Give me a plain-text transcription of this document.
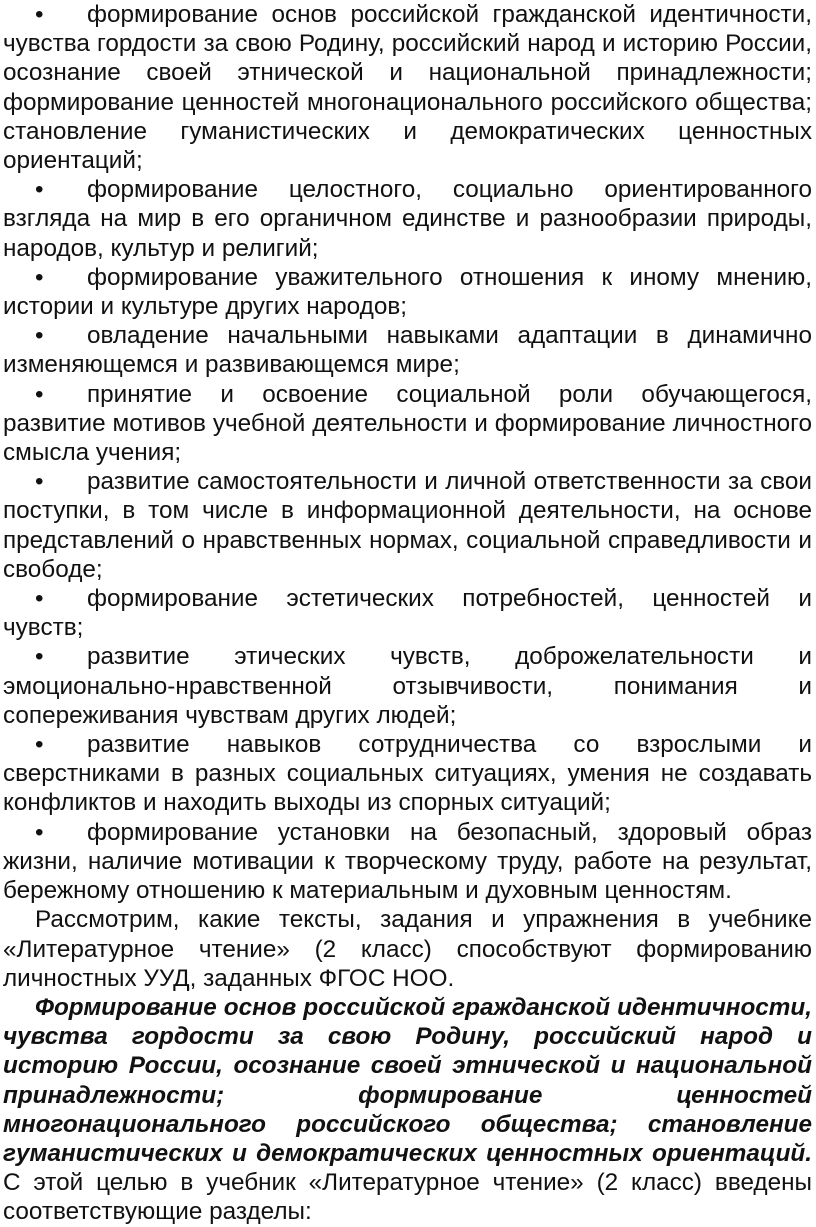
• формирование основ российской гражданской идентичности, чувства гордости за свою Родину, российский народ и историю России, осознание своей этнической и национальной принадлежности; формирование ценностей многонационального российского общества; становление гуманистических и демократических ценностных ориентаций;

• формирование целостного, социально ориентированного взгляда на мир в его органичном единстве и разнообразии природы, народов, культур и религий;

• формирование уважительного отношения к иному мнению, истории и культуре других народов;

• овладение начальными навыками адаптации в динамично изменяющемся и развивающемся мире;

• принятие и освоение социальной роли обучающегося, развитие мотивов учебной деятельности и формирование личностного смысла учения;

• развитие самостоятельности и личной ответственности за свои поступки, в том числе в информационной деятельности, на основе представлений о нравственных нормах, социальной справедливости и свободе;

• формирование эстетических потребностей, ценностей и чувств;

• развитие этических чувств, доброжелательности и эмоционально-нравственной отзывчивости, понимания и сопереживания чувствам других людей;

• развитие навыков сотрудничества со взрослыми и сверстниками в разных социальных ситуациях, умения не создавать конфликтов и находить выходы из спорных ситуаций;

• формирование установки на безопасный, здоровый образ жизни, наличие мотивации к творческому труду, работе на результат, бережному отношению к материальным и духовным ценностям.

Рассмотрим, какие тексты, задания и упражнения в учебнике «Литературное чтение» (2 класс) способствуют формированию личностных УУД, заданных ФГОС НОО.

Формирование основ российской гражданской идентичности, чувства гордости за свою Родину, российский народ и историю России, осознание своей этнической и национальной принадлежности; формирование ценностей многонационального российского общества; становление гуманистических и демократических ценностных ориентаций. С этой целью в учебник «Литературное чтение» (2 класс) введены соответствующие разделы:
